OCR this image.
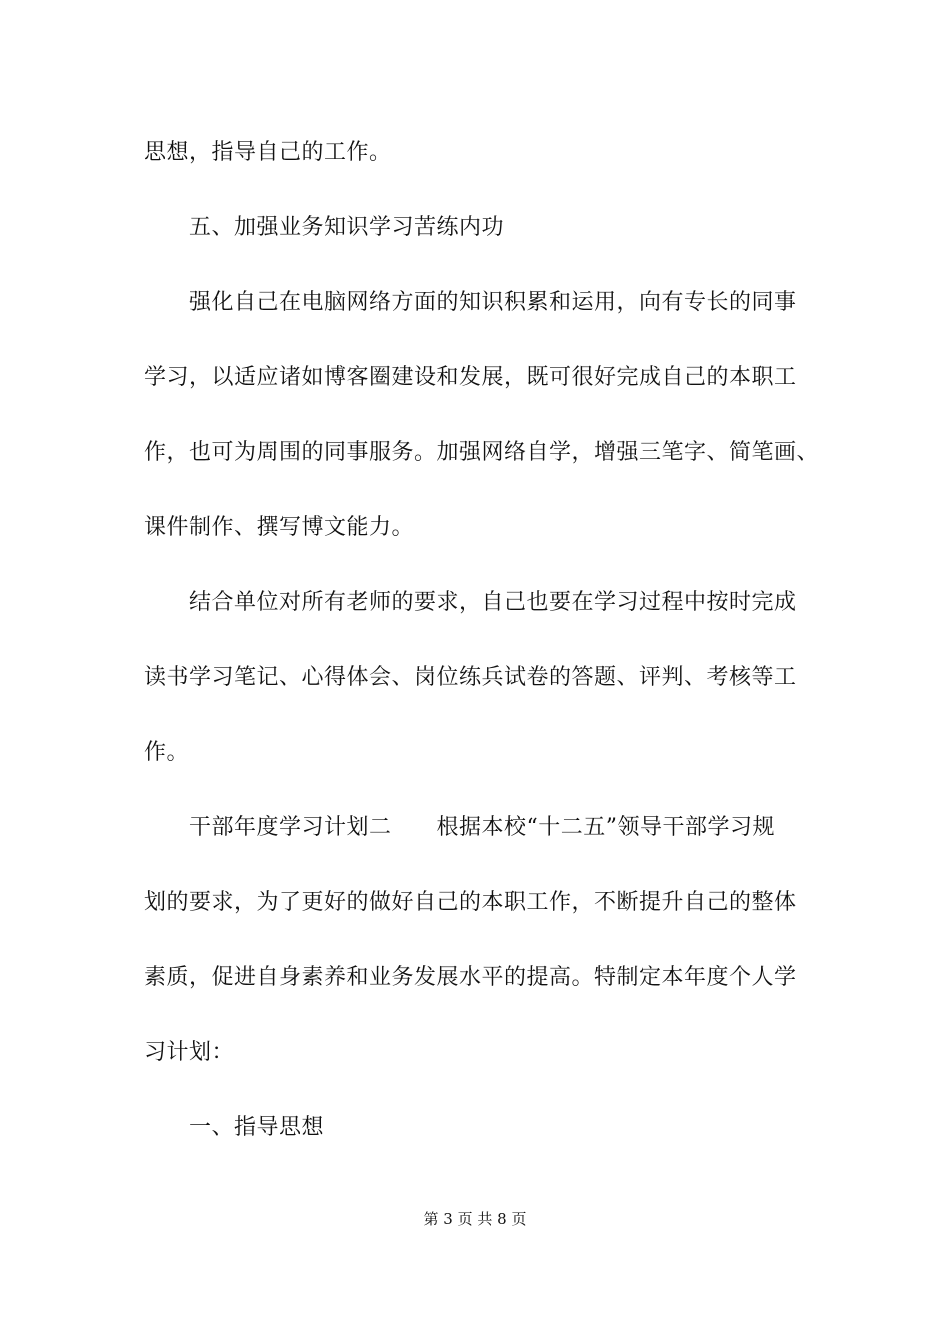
思想，指导自己的工作。
五、加强业务知识学习苦练内功
强化自己在电脑网络方面的知识积累和运用，向有专长的同事
学习，以适应诸如博客圈建设和发展，既可很好完成自己的本职工
作，也可为周围的同事服务。加强网络自学，增强三笔字、简笔画、
课件制作、撰写博文能力。
结合单位对所有老师的要求，自己也要在学习过程中按时完成
读书学习笔记、心得体会、岗位练兵试卷的答题、评判、考核等工
作。
干部年度学习计划二　　根据本校“十二五”领导干部学习规
划的要求，为了更好的做好自己的本职工作，不断提升自己的整体
素质，促进自身素养和业务发展水平的提高。特制定本年度个人学
习计划：
一、指导思想
第 3 页 共 8 页
